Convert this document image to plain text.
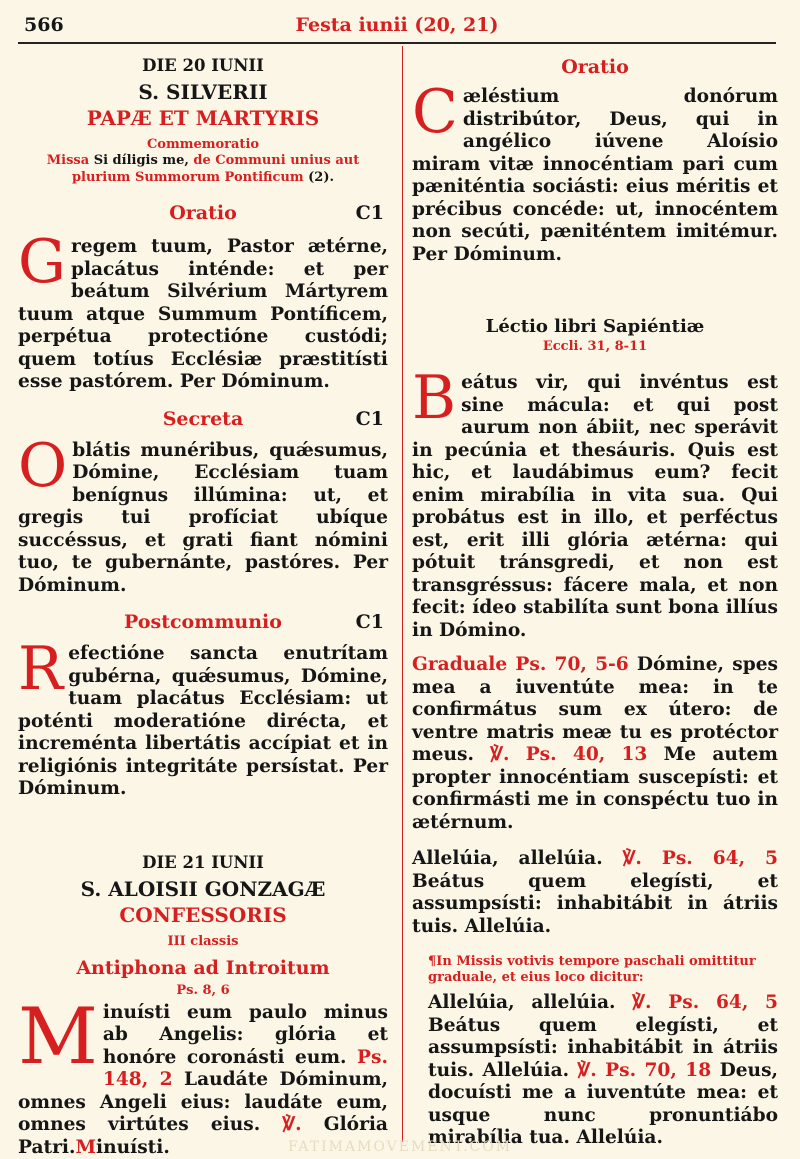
566	Festa iunii (20, 21)
DIE 20 IUNII
S. SILVERII
PAPÆ ET MARTYRIS
Commemoratio

Missa Si díligis me, de Communi unius aut plurium Summorum Pontificum (2).

Oratio	C1

Gregem tuum, Pastor ætérne, placátus inténde: et per beátum Silvérium Mártyrem tuum atque Summum Pontíficem, perpétua protectióne custódi; quem totíus Ecclésiæ præstitísti esse pastórem. Per Dóminum.

Secreta	C1

Oblátis munéribus, quǽsumus, Dómine, Ecclésiam tuam benígnus illúmina: ut, et gregis tui profíciat ubíque succéssus, et grati fiant nómini tuo, te gubernánte, pastóres. Per Dóminum.

Postcommunio	C1

Refectióne sancta enutrítam gubérna, quǽsumus, Dómine, tuam placátus Ecclésiam: ut poténti moderatióne diréctа, et increménta libertátis accípiat et in religiónis integritáte persístat. Per Dóminum.

DIE 21 IUNII
S. ALOISII GONZAGÆ
CONFESSORIS
III classis
Antiphona ad Introitum
Ps. 8, 6

Minuísti eum paulo minus ab Angelis: glória et honóre coronásti eum. Ps. 148, 2 Laudáte Dóminum, omnes Angeli eius: laudáte eum, omnes virtútes eius. ℣. Glória Patri.Minuísti.

Oratio

Cæléstium donórum distribútor, Deus, qui in angélico iúvene Aloísio miram vitæ innocéntiam pari cum pæniténtia sociásti: eius méritis et précibus concéde: ut, innocéntem non secúti, pæniténtem imitémur. Per Dóminum.

Léctio libri Sapiéntiæ
Eccli. 31, 8-11

Beátus vir, qui invéntus est sine mácula: et qui post aurum non ábiit, nec sperávit in pecúnia et thesáuris. Quis est hic, et laudábimus eum? fecit enim mirabília in vita sua. Qui probátus est in illo, et perféctus est, erit illi glória ætérna: qui pótuit tránsgredi, et non est transgréssus: fácere mala, et non fecit: ídeo stabilíta sunt bona illíus in Dómino.

Graduale Ps. 70, 5-6 Dómine, spes mea a iuventúte mea: in te confirmátus sum ex útero: de ventre matris meæ tu es protéctor meus. ℣. Ps. 40, 13 Me autem propter innocéntiam suscepísti: et confirmásti me in conspéctu tuo in ætérnum.

Allelúia, allelúia. ℣. Ps. 64, 5 Beátus quem elegísti, et assumpsísti: inhabitábit in átriis tuis. Allelúia.

¶In Missis votivis tempore paschali omittitur graduale, et eius loco dicitur:

Allelúia, allelúia. ℣. Ps. 64, 5 Beátus quem elegísti, et assumpsísti: inhabitábit in átriis tuis. Allelúia. ℣. Ps. 70, 18 Deus, docuísti me a iuventúte mea: et usque nunc pronuntiábo mirabília tua. Allelúia.

FATIMAMOVEMENT.COM
